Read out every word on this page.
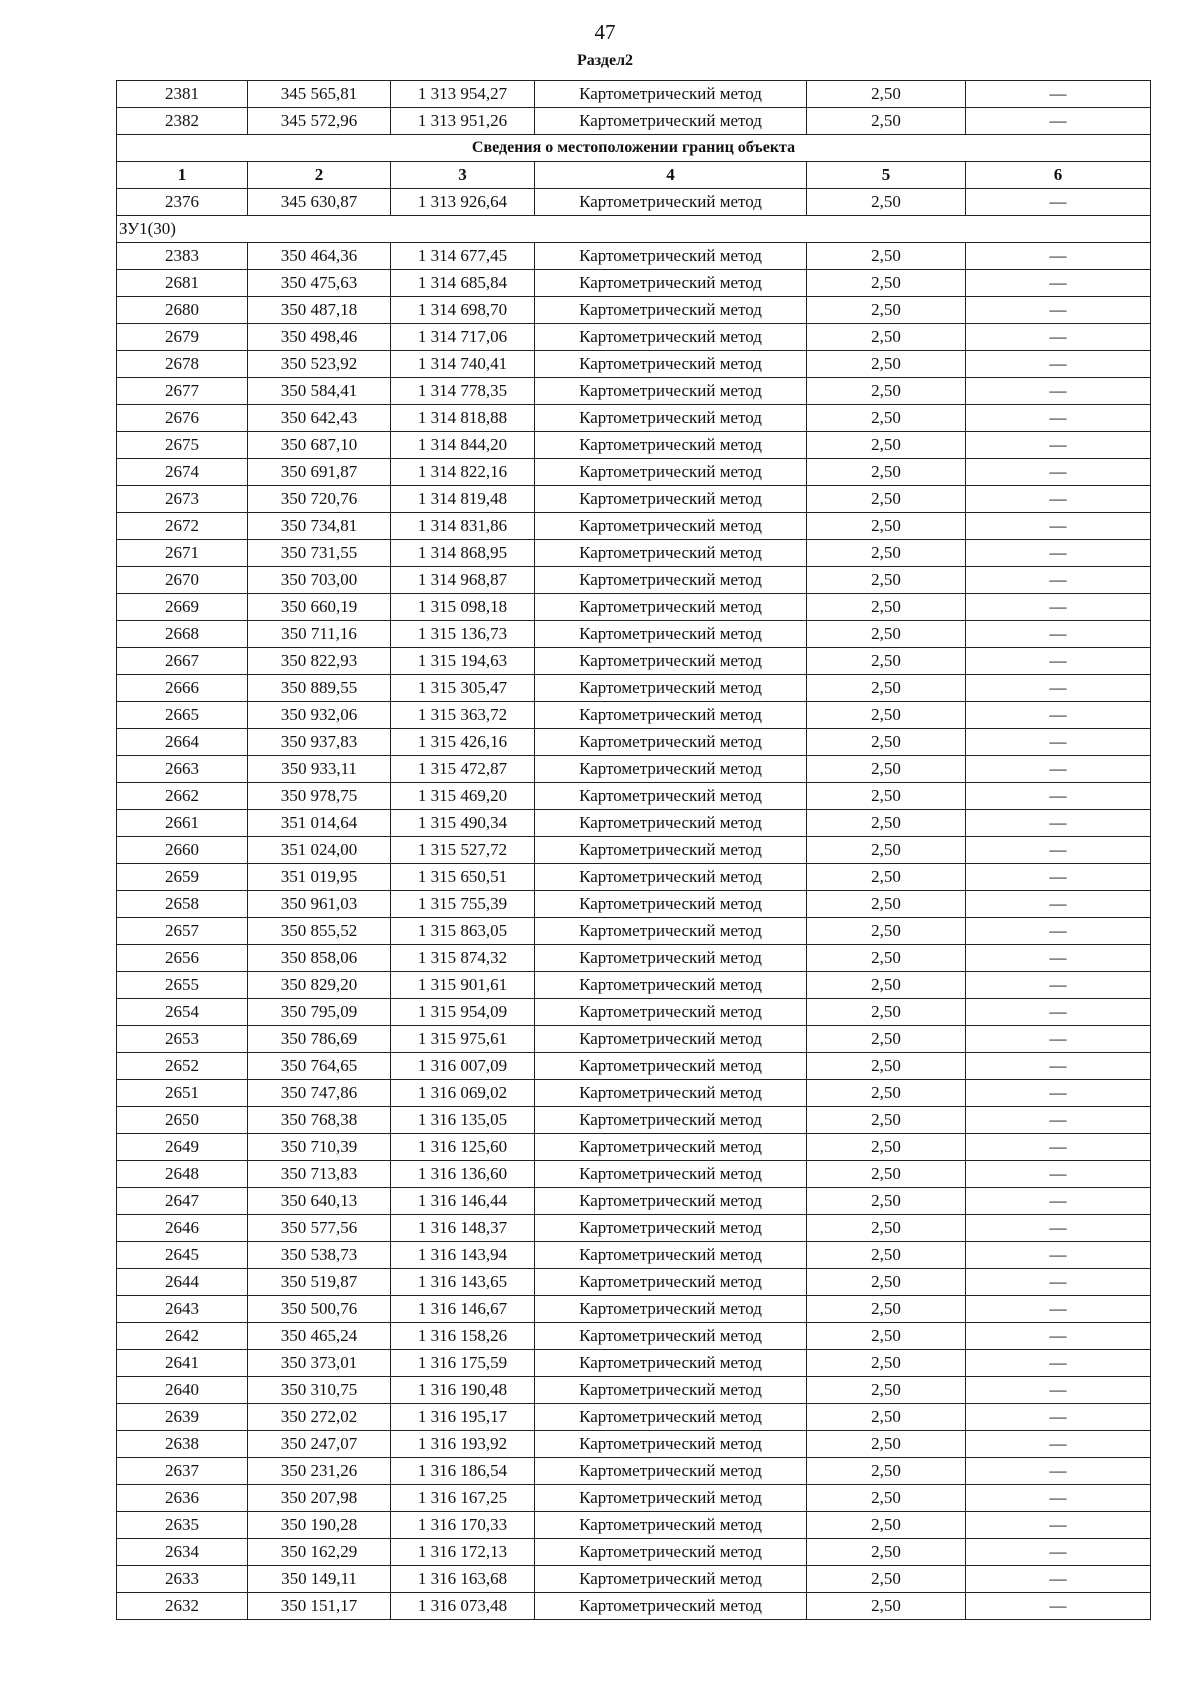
47
Раздел2
2381	345 565,81	1 313 954,27	Картометрический метод	2,50	—
2382	345 572,96	1 313 951,26	Картометрический метод	2,50	—
Сведения о местоположении границ объекта					
1	2	3	4	5	6
2376	345 630,87	1 313 926,64	Картометрический метод	2,50	—
ЗУ1(30)					
2383	350 464,36	1 314 677,45	Картометрический метод	2,50	—
2681	350 475,63	1 314 685,84	Картометрический метод	2,50	—
2680	350 487,18	1 314 698,70	Картометрический метод	2,50	—
2679	350 498,46	1 314 717,06	Картометрический метод	2,50	—
2678	350 523,92	1 314 740,41	Картометрический метод	2,50	—
2677	350 584,41	1 314 778,35	Картометрический метод	2,50	—
2676	350 642,43	1 314 818,88	Картометрический метод	2,50	—
2675	350 687,10	1 314 844,20	Картометрический метод	2,50	—
2674	350 691,87	1 314 822,16	Картометрический метод	2,50	—
2673	350 720,76	1 314 819,48	Картометрический метод	2,50	—
2672	350 734,81	1 314 831,86	Картометрический метод	2,50	—
2671	350 731,55	1 314 868,95	Картометрический метод	2,50	—
2670	350 703,00	1 314 968,87	Картометрический метод	2,50	—
2669	350 660,19	1 315 098,18	Картометрический метод	2,50	—
2668	350 711,16	1 315 136,73	Картометрический метод	2,50	—
2667	350 822,93	1 315 194,63	Картометрический метод	2,50	—
2666	350 889,55	1 315 305,47	Картометрический метод	2,50	—
2665	350 932,06	1 315 363,72	Картометрический метод	2,50	—
2664	350 937,83	1 315 426,16	Картометрический метод	2,50	—
2663	350 933,11	1 315 472,87	Картометрический метод	2,50	—
2662	350 978,75	1 315 469,20	Картометрический метод	2,50	—
2661	351 014,64	1 315 490,34	Картометрический метод	2,50	—
2660	351 024,00	1 315 527,72	Картометрический метод	2,50	—
2659	351 019,95	1 315 650,51	Картометрический метод	2,50	—
2658	350 961,03	1 315 755,39	Картометрический метод	2,50	—
2657	350 855,52	1 315 863,05	Картометрический метод	2,50	—
2656	350 858,06	1 315 874,32	Картометрический метод	2,50	—
2655	350 829,20	1 315 901,61	Картометрический метод	2,50	—
2654	350 795,09	1 315 954,09	Картометрический метод	2,50	—
2653	350 786,69	1 315 975,61	Картометрический метод	2,50	—
2652	350 764,65	1 316 007,09	Картометрический метод	2,50	—
2651	350 747,86	1 316 069,02	Картометрический метод	2,50	—
2650	350 768,38	1 316 135,05	Картометрический метод	2,50	—
2649	350 710,39	1 316 125,60	Картометрический метод	2,50	—
2648	350 713,83	1 316 136,60	Картометрический метод	2,50	—
2647	350 640,13	1 316 146,44	Картометрический метод	2,50	—
2646	350 577,56	1 316 148,37	Картометрический метод	2,50	—
2645	350 538,73	1 316 143,94	Картометрический метод	2,50	—
2644	350 519,87	1 316 143,65	Картометрический метод	2,50	—
2643	350 500,76	1 316 146,67	Картометрический метод	2,50	—
2642	350 465,24	1 316 158,26	Картометрический метод	2,50	—
2641	350 373,01	1 316 175,59	Картометрический метод	2,50	—
2640	350 310,75	1 316 190,48	Картометрический метод	2,50	—
2639	350 272,02	1 316 195,17	Картометрический метод	2,50	—
2638	350 247,07	1 316 193,92	Картометрический метод	2,50	—
2637	350 231,26	1 316 186,54	Картометрический метод	2,50	—
2636	350 207,98	1 316 167,25	Картометрический метод	2,50	—
2635	350 190,28	1 316 170,33	Картометрический метод	2,50	—
2634	350 162,29	1 316 172,13	Картометрический метод	2,50	—
2633	350 149,11	1 316 163,68	Картометрический метод	2,50	—
2632	350 151,17	1 316 073,48	Картометрический метод	2,50	—
